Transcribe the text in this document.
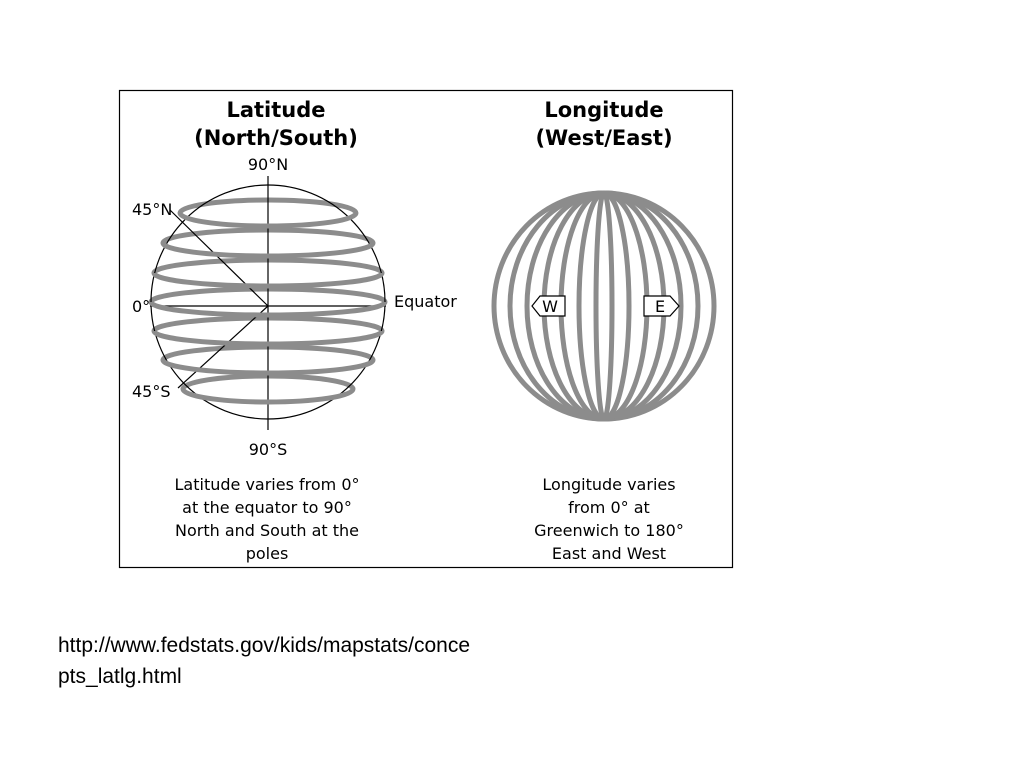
Latitude
(North/South)
90°N
45°N
0°	Equator
45°S
90°S
Latitude varies from 0°
at the equator to 90°
North and South at the
poles
Longitude
(West/East)
W	E
Longitude varies
from 0° at
Greenwich to 180°
East and West
http://www.fedstats.gov/kids/mapstats/conce
pts_latlg.html
